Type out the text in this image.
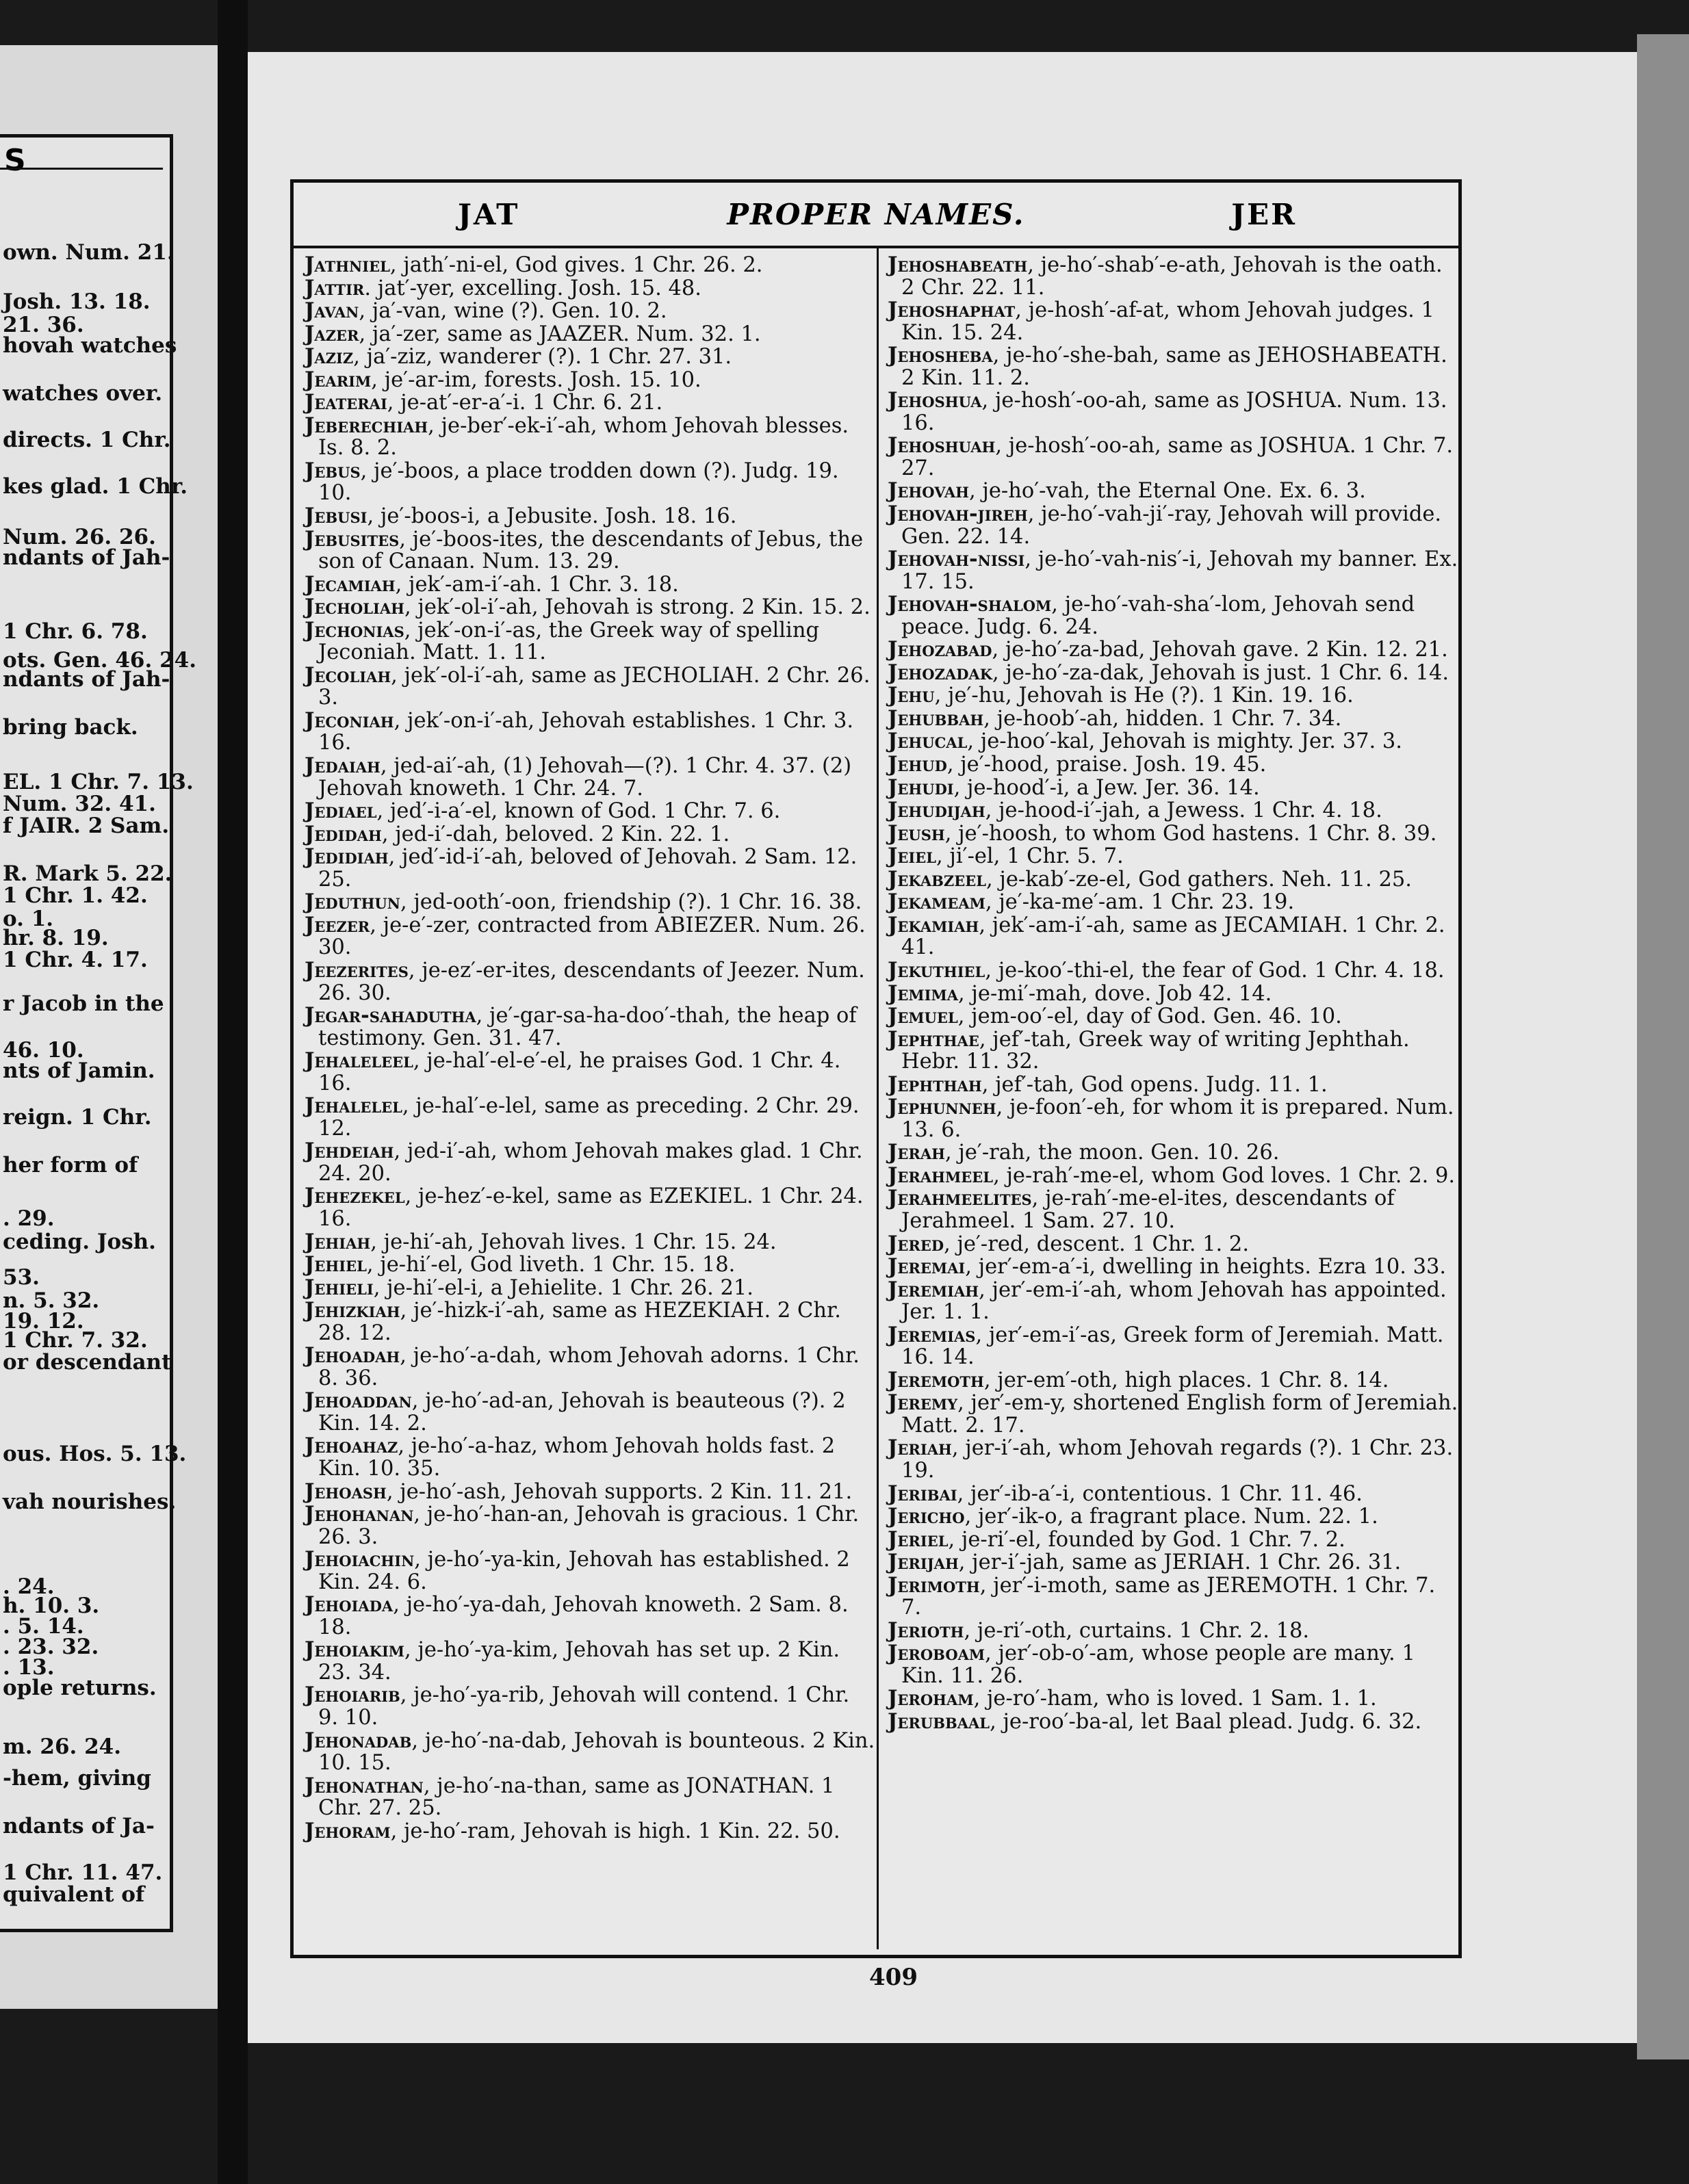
S
own. Num. 21.
Josh. 13. 18.
21. 36.
hovah watches
watches over.
directs. 1 Chr.
kes glad. 1 Chr.
Num. 26. 26.
ndants of Jah-
1 Chr. 6. 78.
ots. Gen. 46. 24.
ndants of Jah-
bring back.
EL. 1 Chr. 7. 13.
Num. 32. 41.
f JAIR. 2 Sam.
R. Mark 5. 22.
1 Chr. 1. 42.
o. 1.
hr. 8. 19.
1 Chr. 4. 17.
r Jacob in the
46. 10.
nts of Jamin.
reign. 1 Chr.
her form of
. 29.
ceding. Josh.
53.
n. 5. 32.
19. 12.
1 Chr. 7. 32.
or descendant
ous. Hos. 5. 13.
vah nourishes.
. 24.
h. 10. 3.
. 5. 14.
. 23. 32.
. 13.
ople returns.
m. 26. 24.
-hem, giving
ndants of Ja-
1 Chr. 11. 47.
quivalent of
JAT	PROPER NAMES.	JER

Jathniel, jath′-ni-el, God gives. 1 Chr. 26. 2.

Jattir. jat′-yer, excelling. Josh. 15. 48.

Javan, ja′-van, wine (?). Gen. 10. 2.

Jazer, ja′-zer, same as JAAZER. Num. 32. 1.

Jaziz, ja′-ziz, wanderer (?). 1 Chr. 27. 31.

Jearim, je′-ar-im, forests. Josh. 15. 10.

Jeaterai, je-at′-er-a′-i. 1 Chr. 6. 21.

Jeberechiah, je-ber′-ek-i′-ah, whom Jehovah blesses. Is. 8. 2.

Jebus, je′-boos, a place trodden down (?). Judg. 19. 10.

Jebusi, je′-boos-i, a Jebusite. Josh. 18. 16.

Jebusites, je′-boos-ites, the descendants of Jebus, the son of Canaan. Num. 13. 29.

Jecamiah, jek′-am-i′-ah. 1 Chr. 3. 18.

Jecholiah, jek′-ol-i′-ah, Jehovah is strong. 2 Kin. 15. 2.

Jechonias, jek′-on-i′-as, the Greek way of spelling Jeconiah. Matt. 1. 11.

Jecoliah, jek′-ol-i′-ah, same as JECHOLIAH. 2 Chr. 26. 3.

Jeconiah, jek′-on-i′-ah, Jehovah establishes. 1 Chr. 3. 16.

Jedaiah, jed-ai′-ah, (1) Jehovah—(?). 1 Chr. 4. 37. (2) Jehovah knoweth. 1 Chr. 24. 7.

Jediael, jed′-i-a′-el, known of God. 1 Chr. 7. 6.

Jedidah, jed-i′-dah, beloved. 2 Kin. 22. 1.

Jedidiah, jed′-id-i′-ah, beloved of Jehovah. 2 Sam. 12. 25.

Jeduthun, jed-ooth′-oon, friendship (?). 1 Chr. 16. 38.

Jeezer, je-e′-zer, contracted from ABIEZER. Num. 26. 30.

Jeezerites, je-ez′-er-ites, descendants of Jeezer. Num. 26. 30.

Jegar-sahadutha, je′-gar-sa-ha-doo′-thah, the heap of testimony. Gen. 31. 47.

Jehaleleel, je-hal′-el-e′-el, he praises God. 1 Chr. 4. 16.

Jehalelel, je-hal′-e-lel, same as preceding. 2 Chr. 29. 12.

Jehdeiah, jed-i′-ah, whom Jehovah makes glad. 1 Chr. 24. 20.

Jehezekel, je-hez′-e-kel, same as EZEKIEL. 1 Chr. 24. 16.

Jehiah, je-hi′-ah, Jehovah lives. 1 Chr. 15. 24.

Jehiel, je-hi′-el, God liveth. 1 Chr. 15. 18.

Jehieli, je-hi′-el-i, a Jehielite. 1 Chr. 26. 21.

Jehizkiah, je′-hizk-i′-ah, same as HEZEKIAH. 2 Chr. 28. 12.

Jehoadah, je-ho′-a-dah, whom Jehovah adorns. 1 Chr. 8. 36.

Jehoaddan, je-ho′-ad-an, Jehovah is beauteous (?). 2 Kin. 14. 2.

Jehoahaz, je-ho′-a-haz, whom Jehovah holds fast. 2 Kin. 10. 35.

Jehoash, je-ho′-ash, Jehovah supports. 2 Kin. 11. 21.

Jehohanan, je-ho′-han-an, Jehovah is gracious. 1 Chr. 26. 3.

Jehoiachin, je-ho′-ya-kin, Jehovah has established. 2 Kin. 24. 6.

Jehoiada, je-ho′-ya-dah, Jehovah knoweth. 2 Sam. 8. 18.

Jehoiakim, je-ho′-ya-kim, Jehovah has set up. 2 Kin. 23. 34.

Jehoiarib, je-ho′-ya-rib, Jehovah will contend. 1 Chr. 9. 10.

Jehonadab, je-ho′-na-dab, Jehovah is bounteous. 2 Kin. 10. 15.

Jehonathan, je-ho′-na-than, same as JONATHAN. 1 Chr. 27. 25.

Jehoram, je-ho′-ram, Jehovah is high. 1 Kin. 22. 50.

Jehoshabeath, je-ho′-shab′-e-ath, Jehovah is the oath. 2 Chr. 22. 11.

Jehoshaphat, je-hosh′-af-at, whom Jehovah judges. 1 Kin. 15. 24.

Jehosheba, je-ho′-she-bah, same as JEHOSHABEATH. 2 Kin. 11. 2.

Jehoshua, je-hosh′-oo-ah, same as JOSHUA. Num. 13. 16.

Jehoshuah, je-hosh′-oo-ah, same as JOSHUA. 1 Chr. 7. 27.

Jehovah, je-ho′-vah, the Eternal One. Ex. 6. 3.

Jehovah-jireh, je-ho′-vah-ji′-ray, Jehovah will provide. Gen. 22. 14.

Jehovah-nissi, je-ho′-vah-nis′-i, Jehovah my banner. Ex. 17. 15.

Jehovah-shalom, je-ho′-vah-sha′-lom, Jehovah send peace. Judg. 6. 24.

Jehozabad, je-ho′-za-bad, Jehovah gave. 2 Kin. 12. 21.

Jehozadak, je-ho′-za-dak, Jehovah is just. 1 Chr. 6. 14.

Jehu, je′-hu, Jehovah is He (?). 1 Kin. 19. 16.

Jehubbah, je-hoob′-ah, hidden. 1 Chr. 7. 34.

Jehucal, je-hoo′-kal, Jehovah is mighty. Jer. 37. 3.

Jehud, je′-hood, praise. Josh. 19. 45.

Jehudi, je-hood′-i, a Jew. Jer. 36. 14.

Jehudijah, je-hood-i′-jah, a Jewess. 1 Chr. 4. 18.

Jeush, je′-hoosh, to whom God hastens. 1 Chr. 8. 39.

Jeiel, ji′-el, 1 Chr. 5. 7.

Jekabzeel, je-kab′-ze-el, God gathers. Neh. 11. 25.

Jekameam, je′-ka-me′-am. 1 Chr. 23. 19.

Jekamiah, jek′-am-i′-ah, same as JECAMIAH. 1 Chr. 2. 41.

Jekuthiel, je-koo′-thi-el, the fear of God. 1 Chr. 4. 18.

Jemima, je-mi′-mah, dove. Job 42. 14.

Jemuel, jem-oo′-el, day of God. Gen. 46. 10.

Jephthae, jef′-tah, Greek way of writing Jephthah. Hebr. 11. 32.

Jephthah, jef′-tah, God opens. Judg. 11. 1.

Jephunneh, je-foon′-eh, for whom it is prepared. Num. 13. 6.

Jerah, je′-rah, the moon. Gen. 10. 26.

Jerahmeel, je-rah′-me-el, whom God loves. 1 Chr. 2. 9.

Jerahmeelites, je-rah′-me-el-ites, descendants of Jerahmeel. 1 Sam. 27. 10.

Jered, je′-red, descent. 1 Chr. 1. 2.

Jeremai, jer′-em-a′-i, dwelling in heights. Ezra 10. 33.

Jeremiah, jer′-em-i′-ah, whom Jehovah has appointed. Jer. 1. 1.

Jeremias, jer′-em-i′-as, Greek form of Jeremiah. Matt. 16. 14.

Jeremoth, jer-em′-oth, high places. 1 Chr. 8. 14.

Jeremy, jer′-em-y, shortened English form of Jeremiah. Matt. 2. 17.

Jeriah, jer-i′-ah, whom Jehovah regards (?). 1 Chr. 23. 19.

Jeribai, jer′-ib-a′-i, contentious. 1 Chr. 11. 46.

Jericho, jer′-ik-o, a fragrant place. Num. 22. 1.

Jeriel, je-ri′-el, founded by God. 1 Chr. 7. 2.

Jerijah, jer-i′-jah, same as JERIAH. 1 Chr. 26. 31.

Jerimoth, jer′-i-moth, same as JEREMOTH. 1 Chr. 7. 7.

Jerioth, je-ri′-oth, curtains. 1 Chr. 2. 18.

Jeroboam, jer′-ob-o′-am, whose people are many. 1 Kin. 11. 26.

Jeroham, je-ro′-ham, who is loved. 1 Sam. 1. 1.

Jerubbaal, je-roo′-ba-al, let Baal plead. Judg. 6. 32.

409
